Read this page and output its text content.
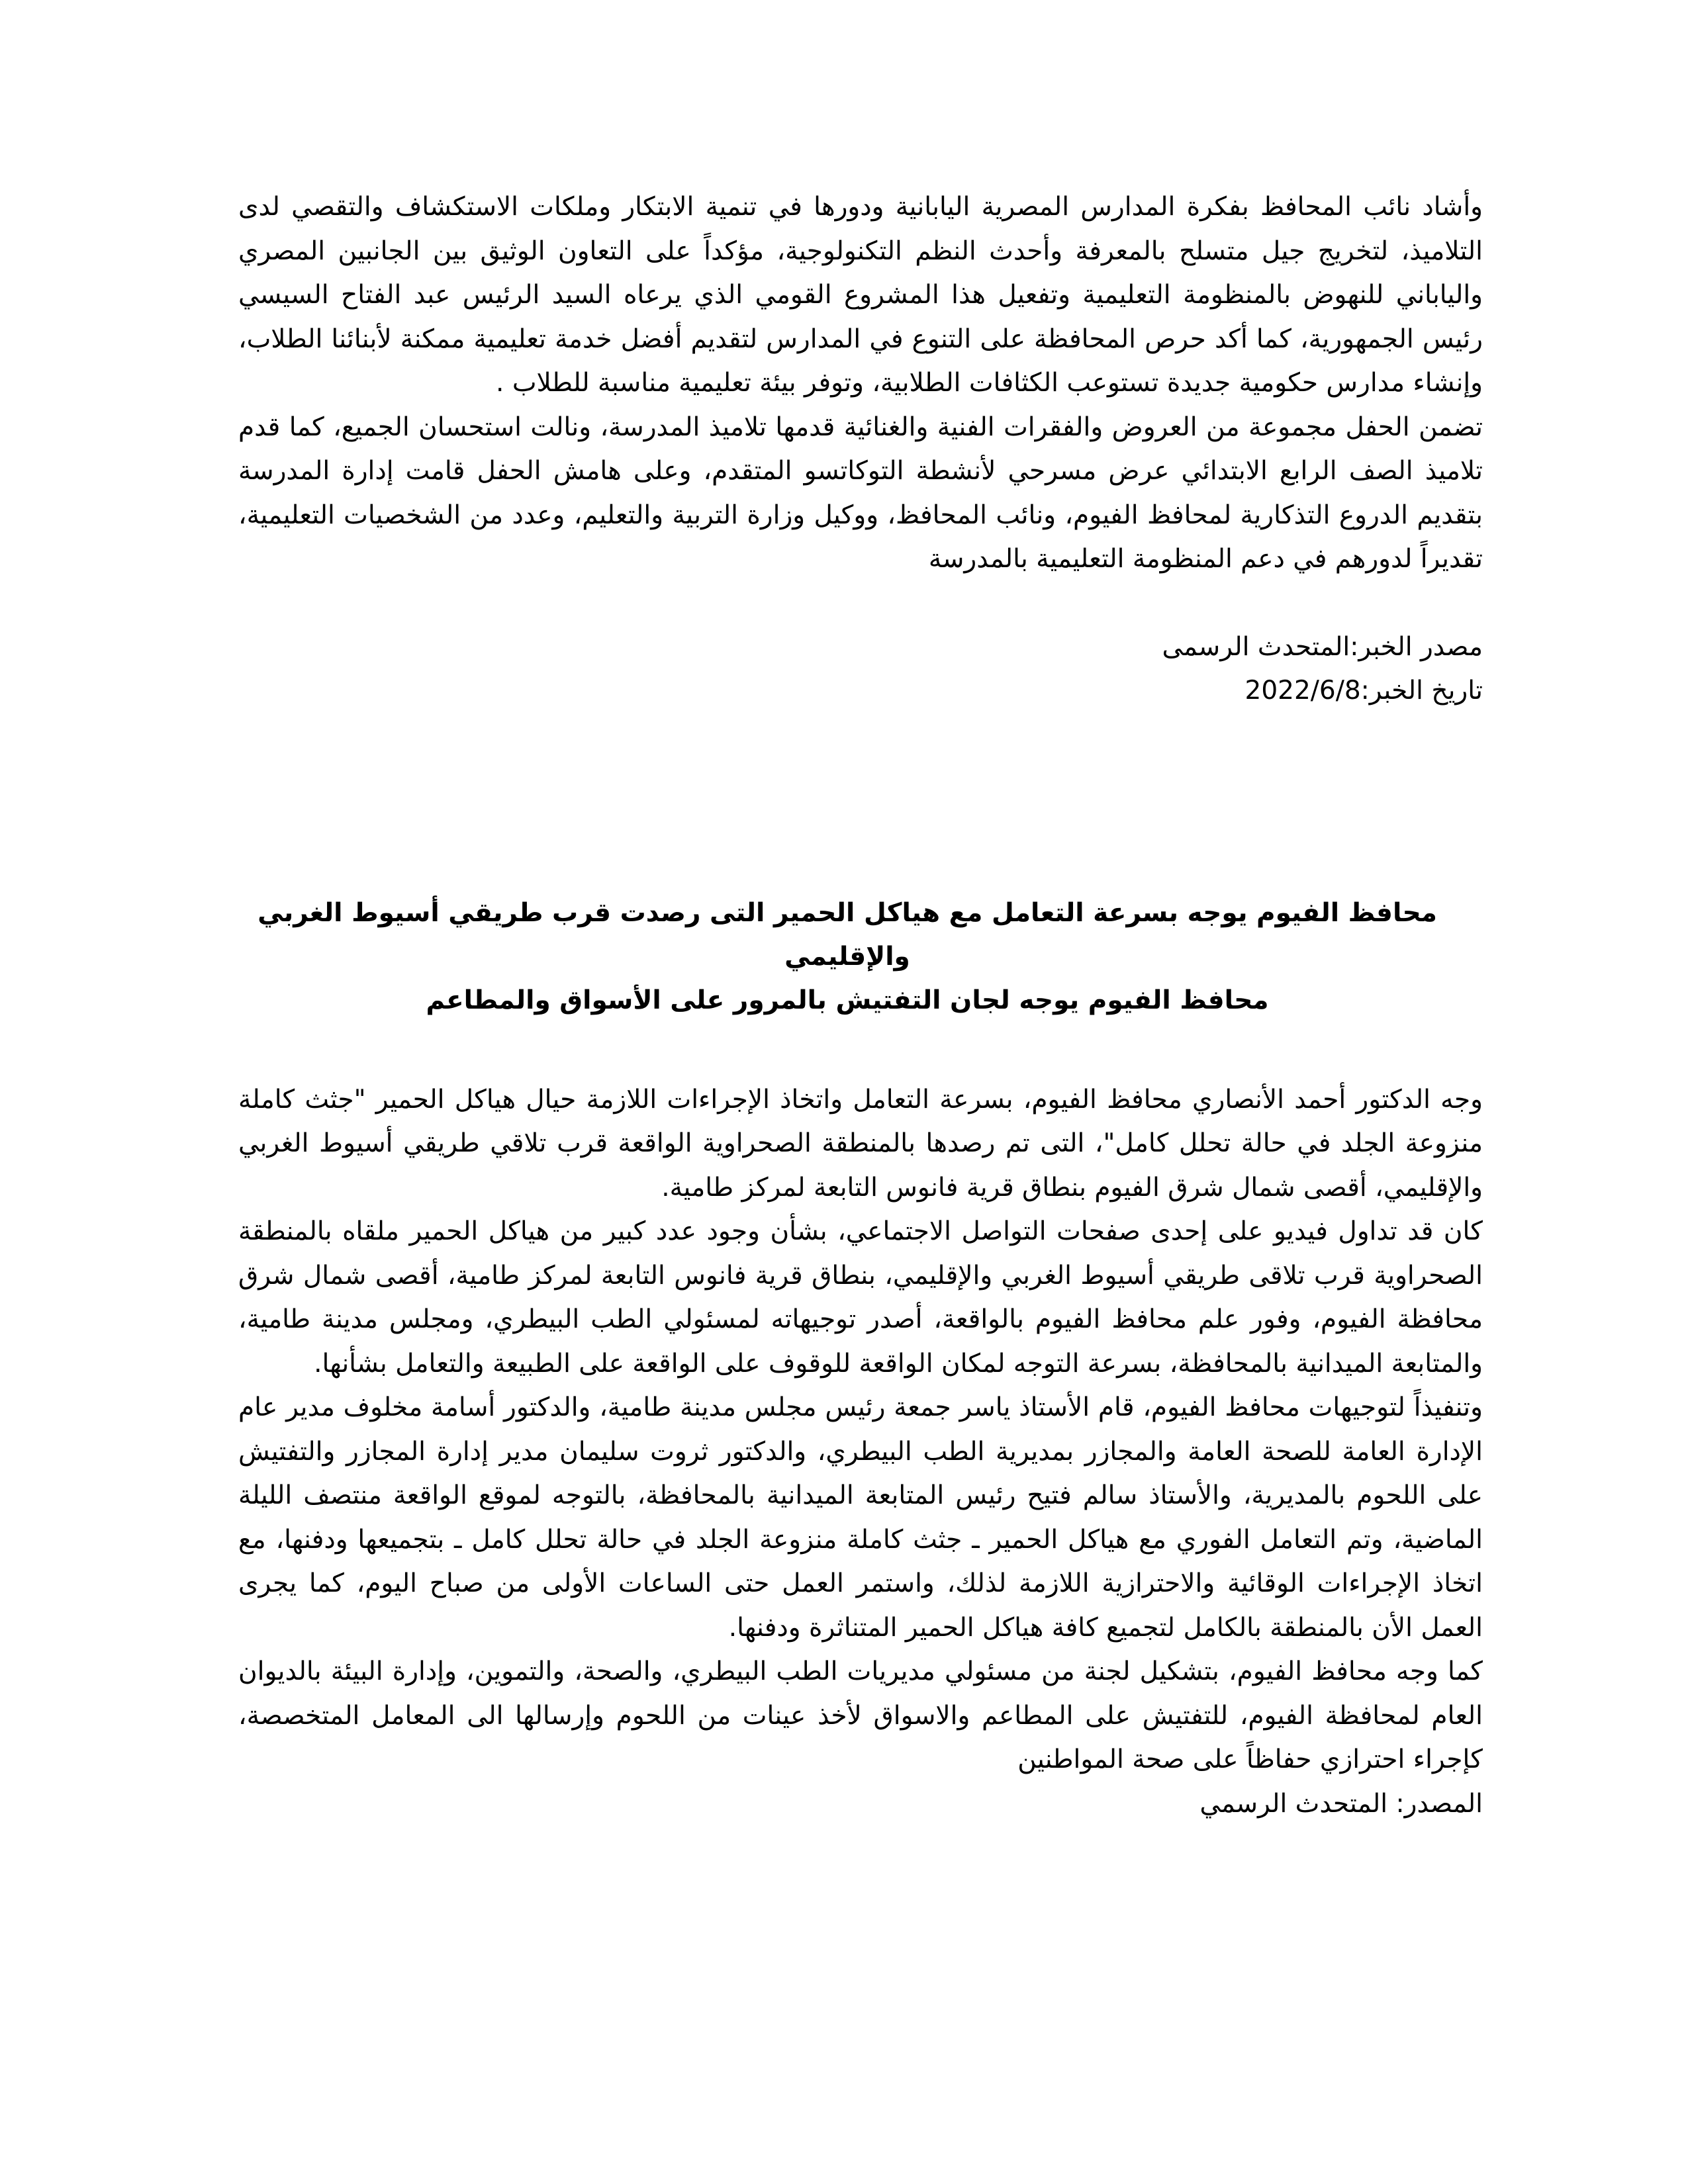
وأشاد نائب المحافظ بفكرة المدارس المصرية اليابانية ودورها في تنمية الابتكار وملكات الاستكشاف والتقصي لدى التلاميذ، لتخريج جيل متسلح بالمعرفة وأحدث النظم التكنولوجية، مؤكداً على التعاون الوثيق بين الجانبين المصري والياباني للنهوض بالمنظومة التعليمية وتفعيل هذا المشروع القومي الذي يرعاه السيد الرئيس عبد الفتاح السيسي رئيس الجمهورية، كما أكد حرص المحافظة على التنوع في المدارس لتقديم أفضل خدمة تعليمية ممكنة لأبنائنا الطلاب، وإنشاء مدارس حكومية جديدة تستوعب الكثافات الطلابية، وتوفر بيئة تعليمية مناسبة للطلاب .

تضمن الحفل مجموعة من العروض والفقرات الفنية والغنائية قدمها تلاميذ المدرسة، ونالت استحسان الجميع، كما قدم تلاميذ الصف الرابع الابتدائي عرض مسرحي لأنشطة التوكاتسو المتقدم، وعلى هامش الحفل قامت إدارة المدرسة بتقديم الدروع التذكارية لمحافظ الفيوم، ونائب المحافظ، ووكيل وزارة التربية والتعليم، وعدد من الشخصيات التعليمية، تقديراً لدورهم في دعم المنظومة التعليمية بالمدرسة

مصدر الخبر:المتحدث الرسمى

تاريخ الخبر:2022/6/8

محافظ الفيوم يوجه بسرعة التعامل مع هياكل الحمير التى رصدت قرب طريقي أسيوط الغربي والإقليمي

محافظ الفيوم يوجه لجان التفتيش بالمرور على الأسواق والمطاعم

وجه الدكتور أحمد الأنصاري محافظ الفيوم، بسرعة التعامل واتخاذ الإجراءات اللازمة حيال هياكل الحمير "جثث كاملة منزوعة الجلد في حالة تحلل كامل"، التى تم رصدها بالمنطقة الصحراوية الواقعة قرب تلاقي طريقي أسيوط الغربي والإقليمي، أقصى شمال شرق الفيوم بنطاق قرية فانوس التابعة لمركز طامية.

كان قد تداول فيديو على إحدى صفحات التواصل الاجتماعي، بشأن وجود عدد كبير من هياكل الحمير ملقاه بالمنطقة الصحراوية قرب تلاقى طريقي أسيوط الغربي والإقليمي، بنطاق قرية فانوس التابعة لمركز طامية، أقصى شمال شرق محافظة الفيوم، وفور علم محافظ الفيوم بالواقعة، أصدر توجيهاته لمسئولي الطب البيطري، ومجلس مدينة طامية، والمتابعة الميدانية بالمحافظة، بسرعة التوجه لمكان الواقعة للوقوف على الواقعة على الطبيعة والتعامل بشأنها.

وتنفيذاً لتوجيهات محافظ الفيوم، قام الأستاذ ياسر جمعة رئيس مجلس مدينة طامية، والدكتور أسامة مخلوف مدير عام الإدارة العامة للصحة العامة والمجازر بمديرية الطب البيطري، والدكتور ثروت سليمان مدير إدارة المجازر والتفتيش على اللحوم بالمديرية، والأستاذ سالم فتيح رئيس المتابعة الميدانية بالمحافظة، بالتوجه لموقع الواقعة منتصف الليلة الماضية، وتم التعامل الفوري مع هياكل الحمير ـ جثث كاملة منزوعة الجلد في حالة تحلل كامل ـ بتجميعها ودفنها، مع اتخاذ الإجراءات الوقائية والاحترازية اللازمة لذلك، واستمر العمل حتى الساعات الأولى من صباح اليوم، كما يجرى العمل الأن بالمنطقة بالكامل لتجميع كافة هياكل الحمير المتناثرة ودفنها.

كما وجه محافظ الفيوم، بتشكيل لجنة من مسئولي مديريات الطب البيطري، والصحة، والتموين، وإدارة البيئة بالديوان العام لمحافظة الفيوم، للتفتيش على المطاعم والاسواق لأخذ عينات من اللحوم وإرسالها الى المعامل المتخصصة، كإجراء احترازي حفاظاً على صحة المواطنين

المصدر: المتحدث الرسمي
